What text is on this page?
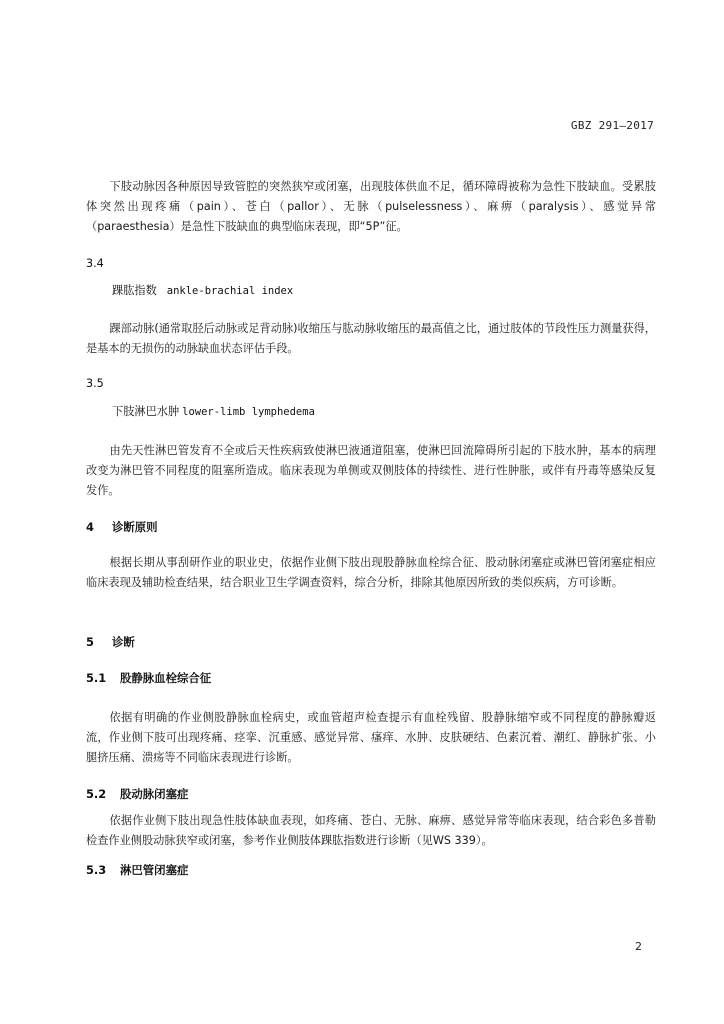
GBZ 291—2017

下肢动脉因各种原因导致管腔的突然狭窄或闭塞，出现肢体供血不足，循环障碍被称为急性下肢缺血。受累肢体突然出现疼痛（pain）、苍白（pallor）、无脉（pulselessness）、麻痹（paralysis）、感觉异常（paraesthesia）是急性下肢缺血的典型临床表现，即“5P”征。

3.4
踝肱指数 ankle-brachial index

踝部动脉(通常取胫后动脉或足背动脉)收缩压与肱动脉收缩压的最高值之比，通过肢体的节段性压力测量获得，是基本的无损伤的动脉缺血状态评估手段。

3.5
下肢淋巴水肿 lower-limb lymphedema

由先天性淋巴管发育不全或后天性疾病致使淋巴液通道阻塞，使淋巴回流障碍所引起的下肢水肿，基本的病理改变为淋巴管不同程度的阻塞所造成。临床表现为单侧或双侧肢体的持续性、进行性肿胀，或伴有丹毒等感染反复发作。

4 诊断原则

根据长期从事刮研作业的职业史，依据作业侧下肢出现股静脉血栓综合征、股动脉闭塞症或淋巴管闭塞症相应临床表现及辅助检查结果，结合职业卫生学调查资料，综合分析，排除其他原因所致的类似疾病，方可诊断。

5 诊断
5.1 股静脉血栓综合征

依据有明确的作业侧股静脉血栓病史，或血管超声检查提示有血栓残留、股静脉缩窄或不同程度的静脉瓣返流，作业侧下肢可出现疼痛、痉挛、沉重感、感觉异常、瘙痒、水肿、皮肤硬结、色素沉着、潮红、静脉扩张、小腿挤压痛、溃疡等不同临床表现进行诊断。

5.2 股动脉闭塞症

依据作业侧下肢出现急性肢体缺血表现，如疼痛、苍白、无脉、麻痹、感觉异常等临床表现，结合彩色多普勒检查作业侧股动脉狭窄或闭塞，参考作业侧肢体踝肱指数进行诊断（见WS 339）。

5.3 淋巴管闭塞症
2
